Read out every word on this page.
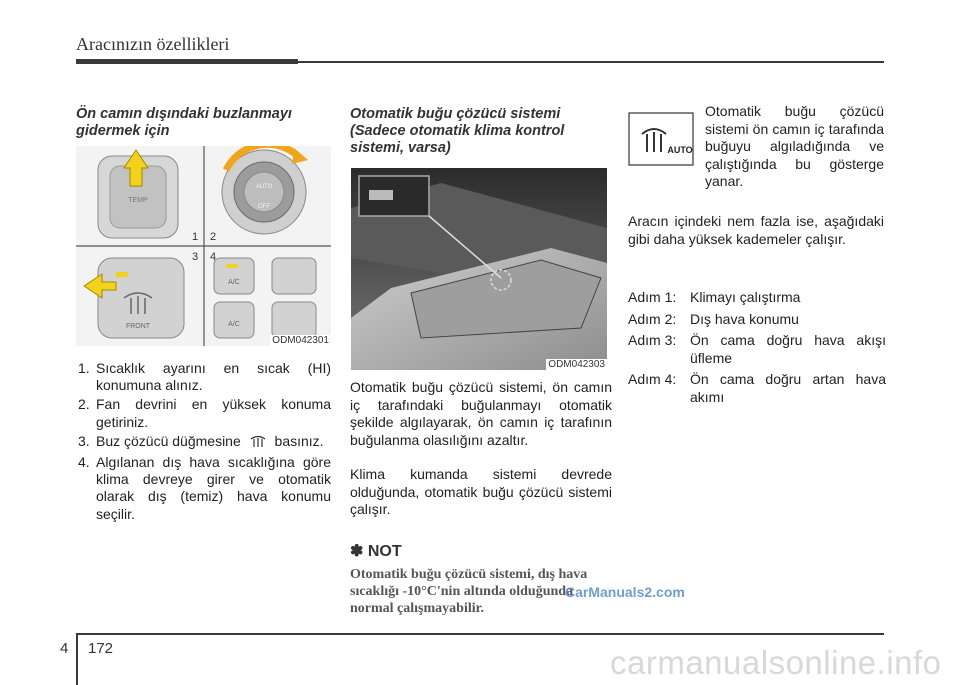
Aracınızın özellikleri
Ön camın dışındaki buzlanmayı gidermek için
TEMP
AUTO
OFF
FRONT
A/C
A/C
1 2
3 4
ODM042301
1. Sıcaklık ayarını en sıcak (HI) konumuna alınız.
2. Fan devrini en yüksek konuma getiriniz.
3. Buz çözücü düğmesine basınız.
4. Algılanan dış hava sıcaklığına göre klima devreye girer ve otomatik olarak dış (temiz) hava konumu seçilir.
Otomatik buğu çözücü sistemi (Sadece otomatik klima kontrol sistemi, varsa)
ODM042303

Otomatik buğu çözücü sistemi, ön camın iç tarafındaki buğulanmayı otomatik şekilde algılayarak, ön camın iç tarafının buğulanma olasılığını azaltır.

Klima kumanda sistemi devrede olduğunda, otomatik buğu çözücü sistemi çalışır.

✽ NOT
Otomatik buğu çözücü sistemi, dış hava sıcaklığı -10°C'nin altında olduğunda normal çalışmayabilir.
AUTO

Otomatik buğu çözücü sistemi ön camın iç tarafında buğuyu algıladığında ve çalıştığında bu gösterge yanar.

Aracın içindeki nem fazla ise, aşağıdaki gibi daha yüksek kademeler çalışır.

Adım 1: Klimayı çalıştırma
Adım 2: Dış hava konumu
Adım 3: Ön cama doğru hava akışı üfleme
Adım 4: Ön cama doğru artan hava akımı
4 172
CarManuals2.com
carmanualsonline.info
